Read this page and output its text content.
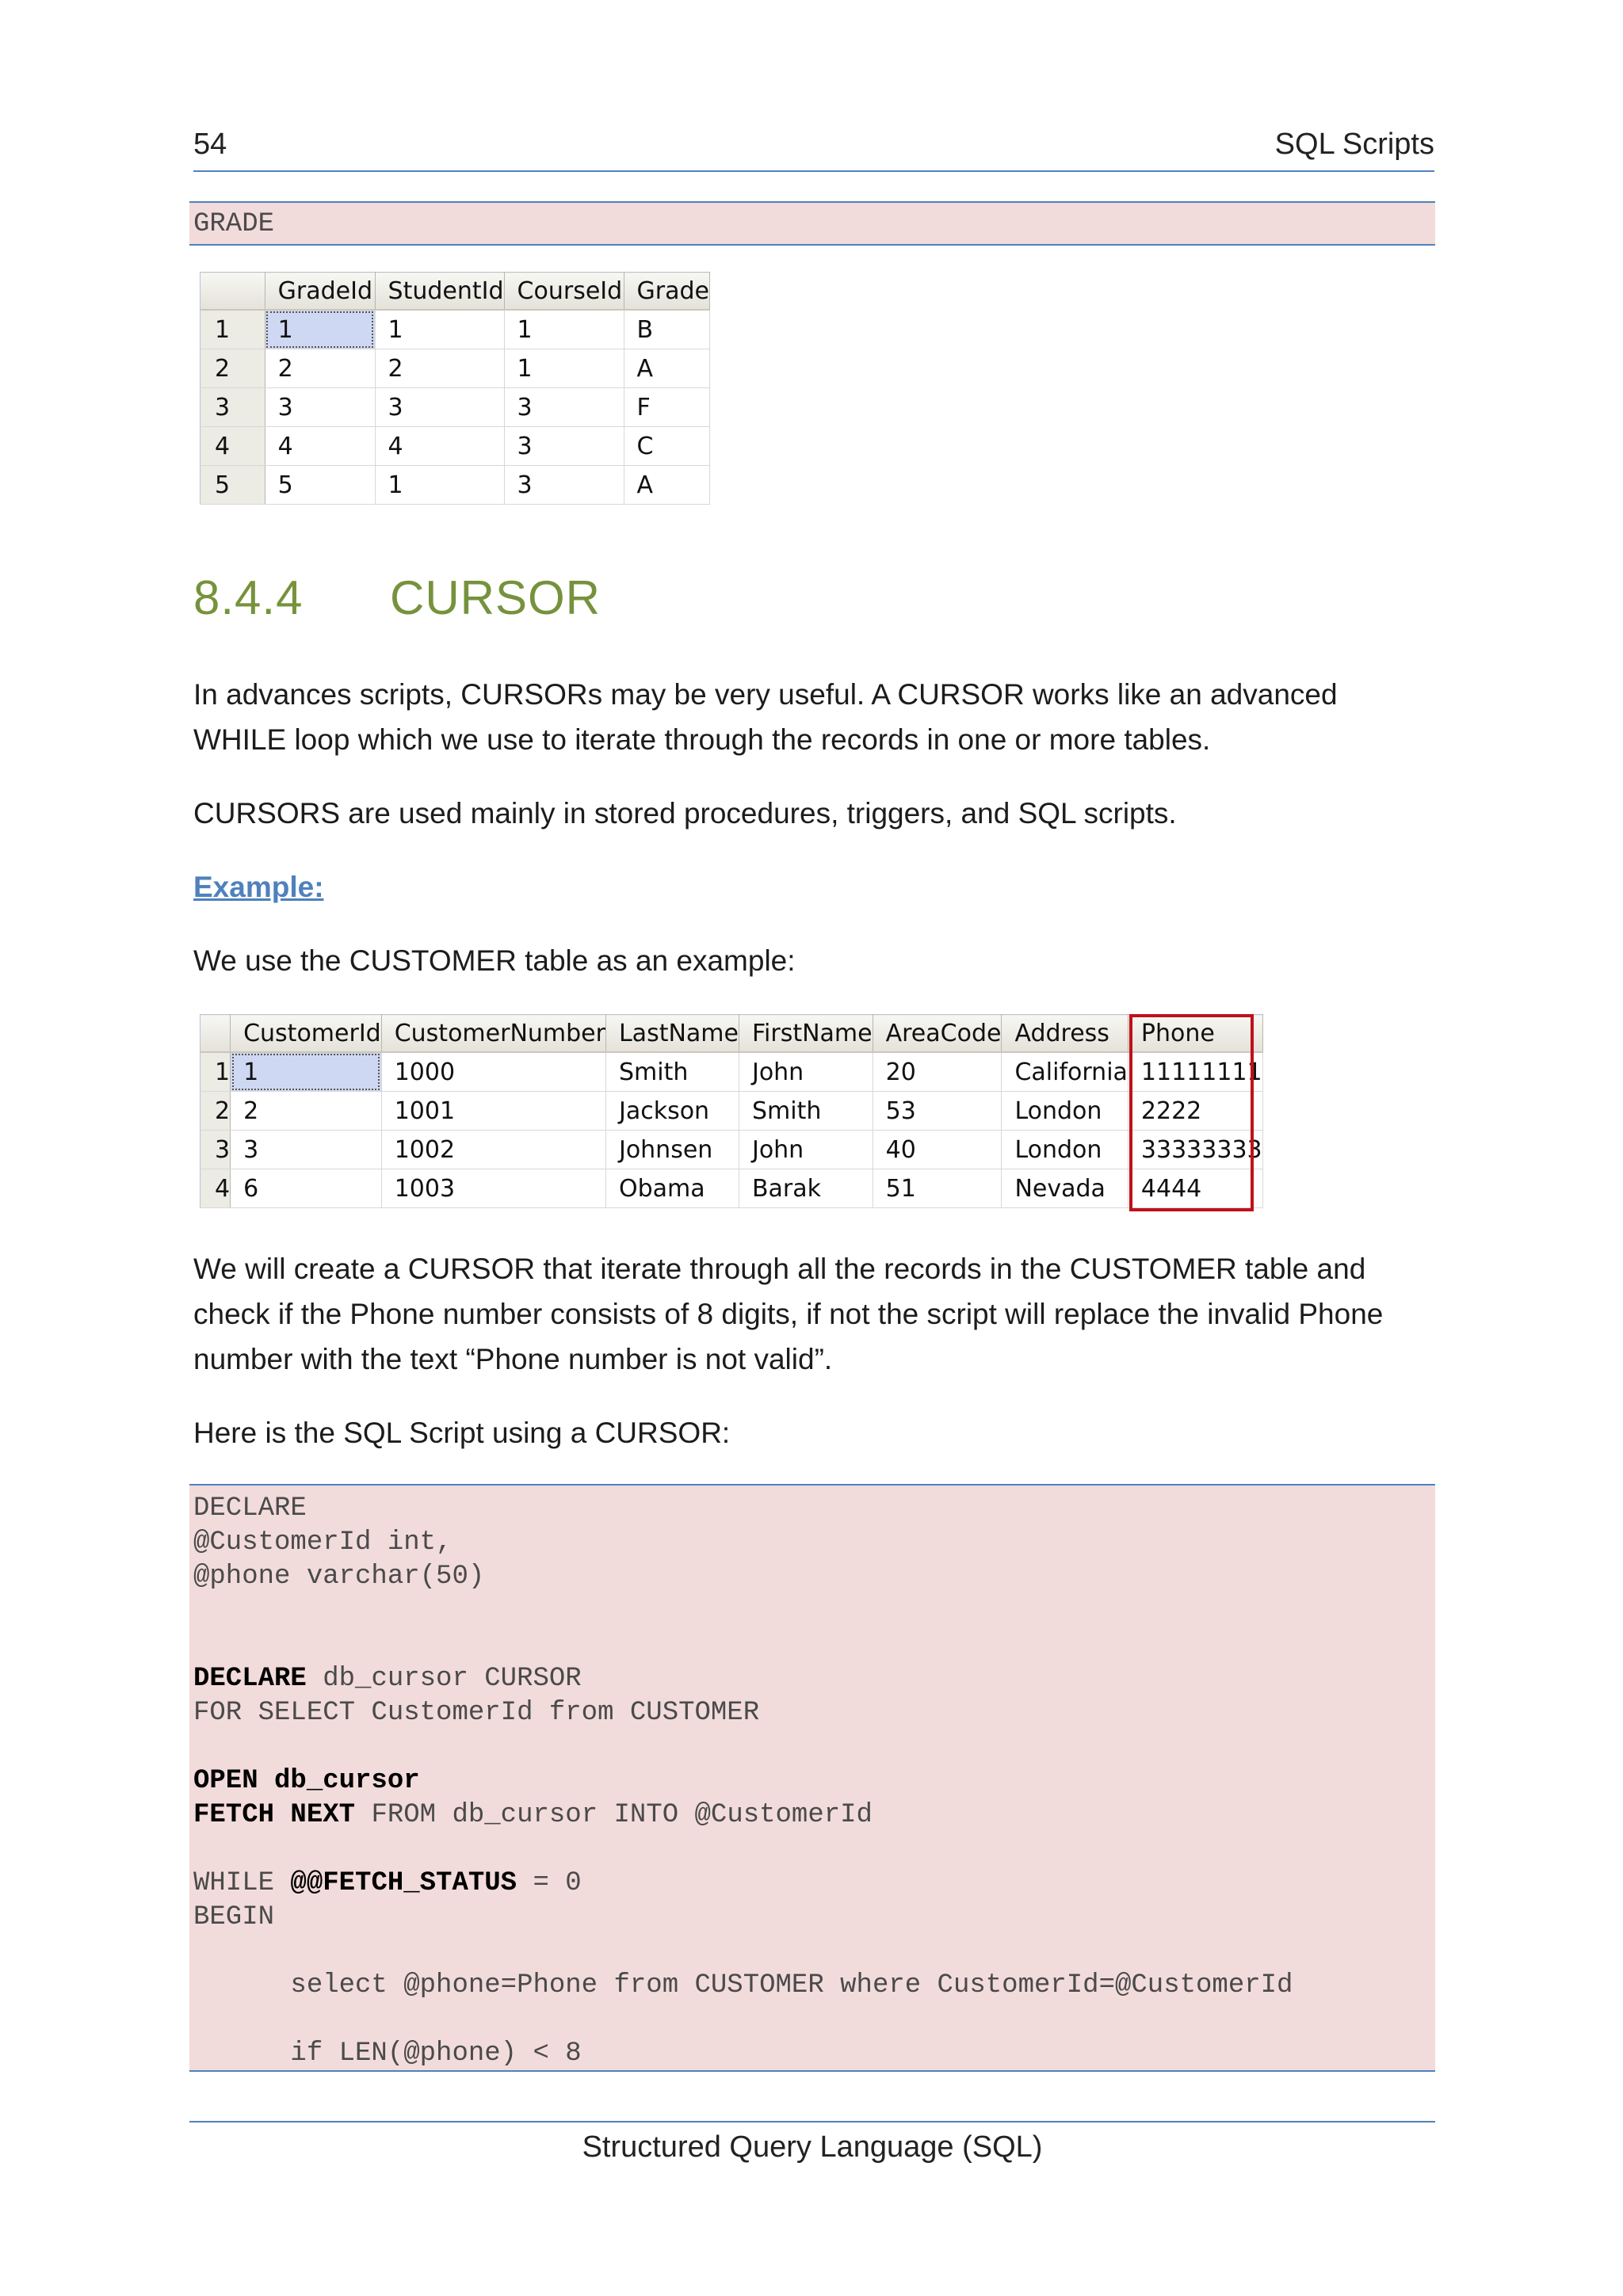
54	SQL Scripts
GRADE
	GradeId	StudentId	CourseId	Grade
1	1	1	1	B
2	2	2	1	A
3	3	3	3	F
4	4	4	3	C
5	5	1	3	A
8.4.4 CURSOR
In advances scripts, CURSORs may be very useful. A CURSOR works like an advanced WHILE loop which we use to iterate through the records in one or more tables.
CURSORS are used mainly in stored procedures, triggers, and SQL scripts.
Example:
We use the CUSTOMER table as an example:
	CustomerId	CustomerNumber	LastName	FirstName	AreaCode	Address	Phone
1	1	1000	Smith	John	20	California	11111111
2	2	1001	Jackson	Smith	53	London	2222
3	3	1002	Johnsen	John	40	London	33333333
4	6	1003	Obama	Barak	51	Nevada	4444
We will create a CURSOR that iterate through all the records in the CUSTOMER table and check if the Phone number consists of 8 digits, if not the script will replace the invalid Phone number with the text “Phone number is not valid”.
Here is the SQL Script using a CURSOR:
DECLARE
@CustomerId int,
@phone varchar(50)
DECLARE db_cursor CURSOR
FOR SELECT CustomerId from CUSTOMER
OPEN db_cursor
FETCH NEXT FROM db_cursor INTO @CustomerId
WHILE @@FETCH_STATUS = 0
BEGIN
select @phone=Phone from CUSTOMER where CustomerId=@CustomerId
if LEN(@phone) < 8
Structured Query Language (SQL)
